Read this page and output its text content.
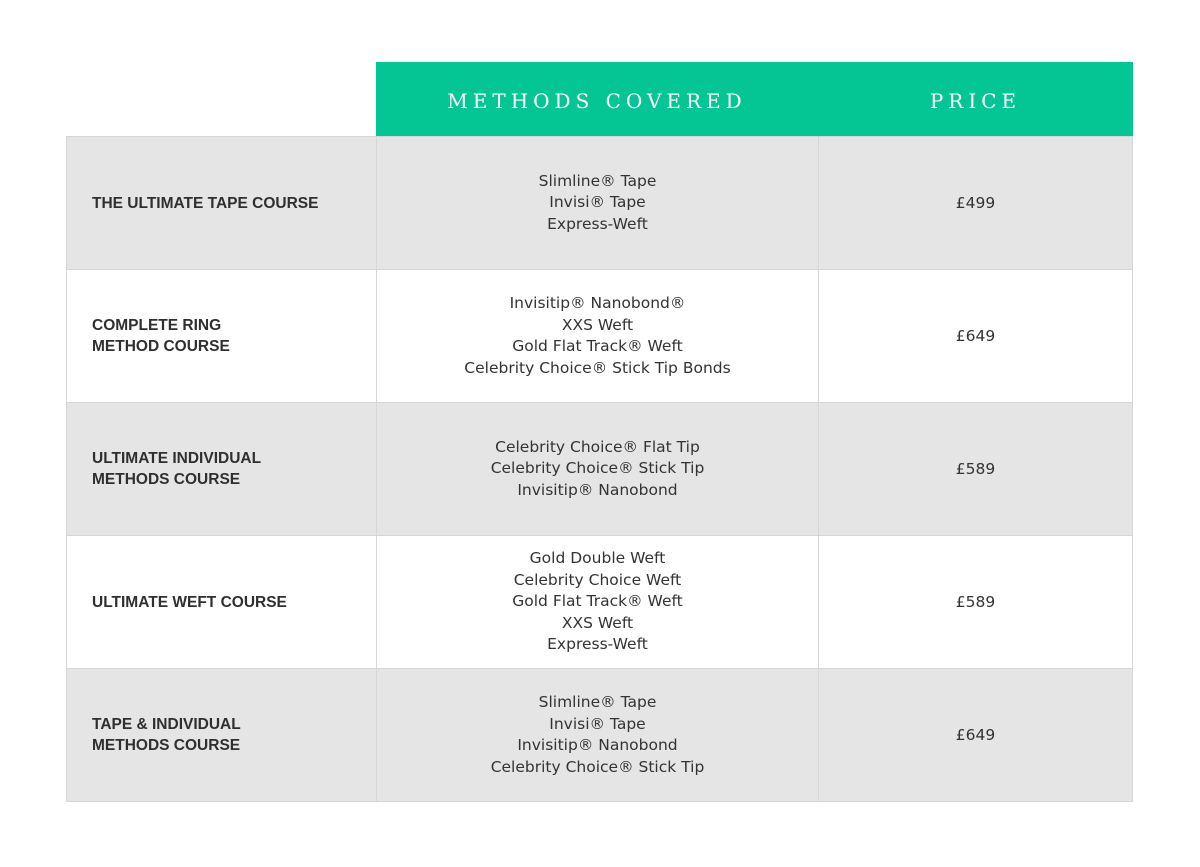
METHODS COVERED	PRICE
THE ULTIMATE TAPE COURSE
Slimline® Tape
Invisi® Tape
Express-Weft
£499
COMPLETE RING
METHOD COURSE
Invisitip® Nanobond®
XXS Weft
Gold Flat Track® Weft
Celebrity Choice® Stick Tip Bonds
£649
ULTIMATE INDIVIDUAL
METHODS COURSE
Celebrity Choice® Flat Tip
Celebrity Choice® Stick Tip
Invisitip® Nanobond
£589
ULTIMATE WEFT COURSE
Gold Double Weft
Celebrity Choice Weft
Gold Flat Track® Weft
XXS Weft
Express-Weft
£589
TAPE & INDIVIDUAL
METHODS COURSE
Slimline® Tape
Invisi® Tape
Invisitip® Nanobond
Celebrity Choice® Stick Tip
£649
